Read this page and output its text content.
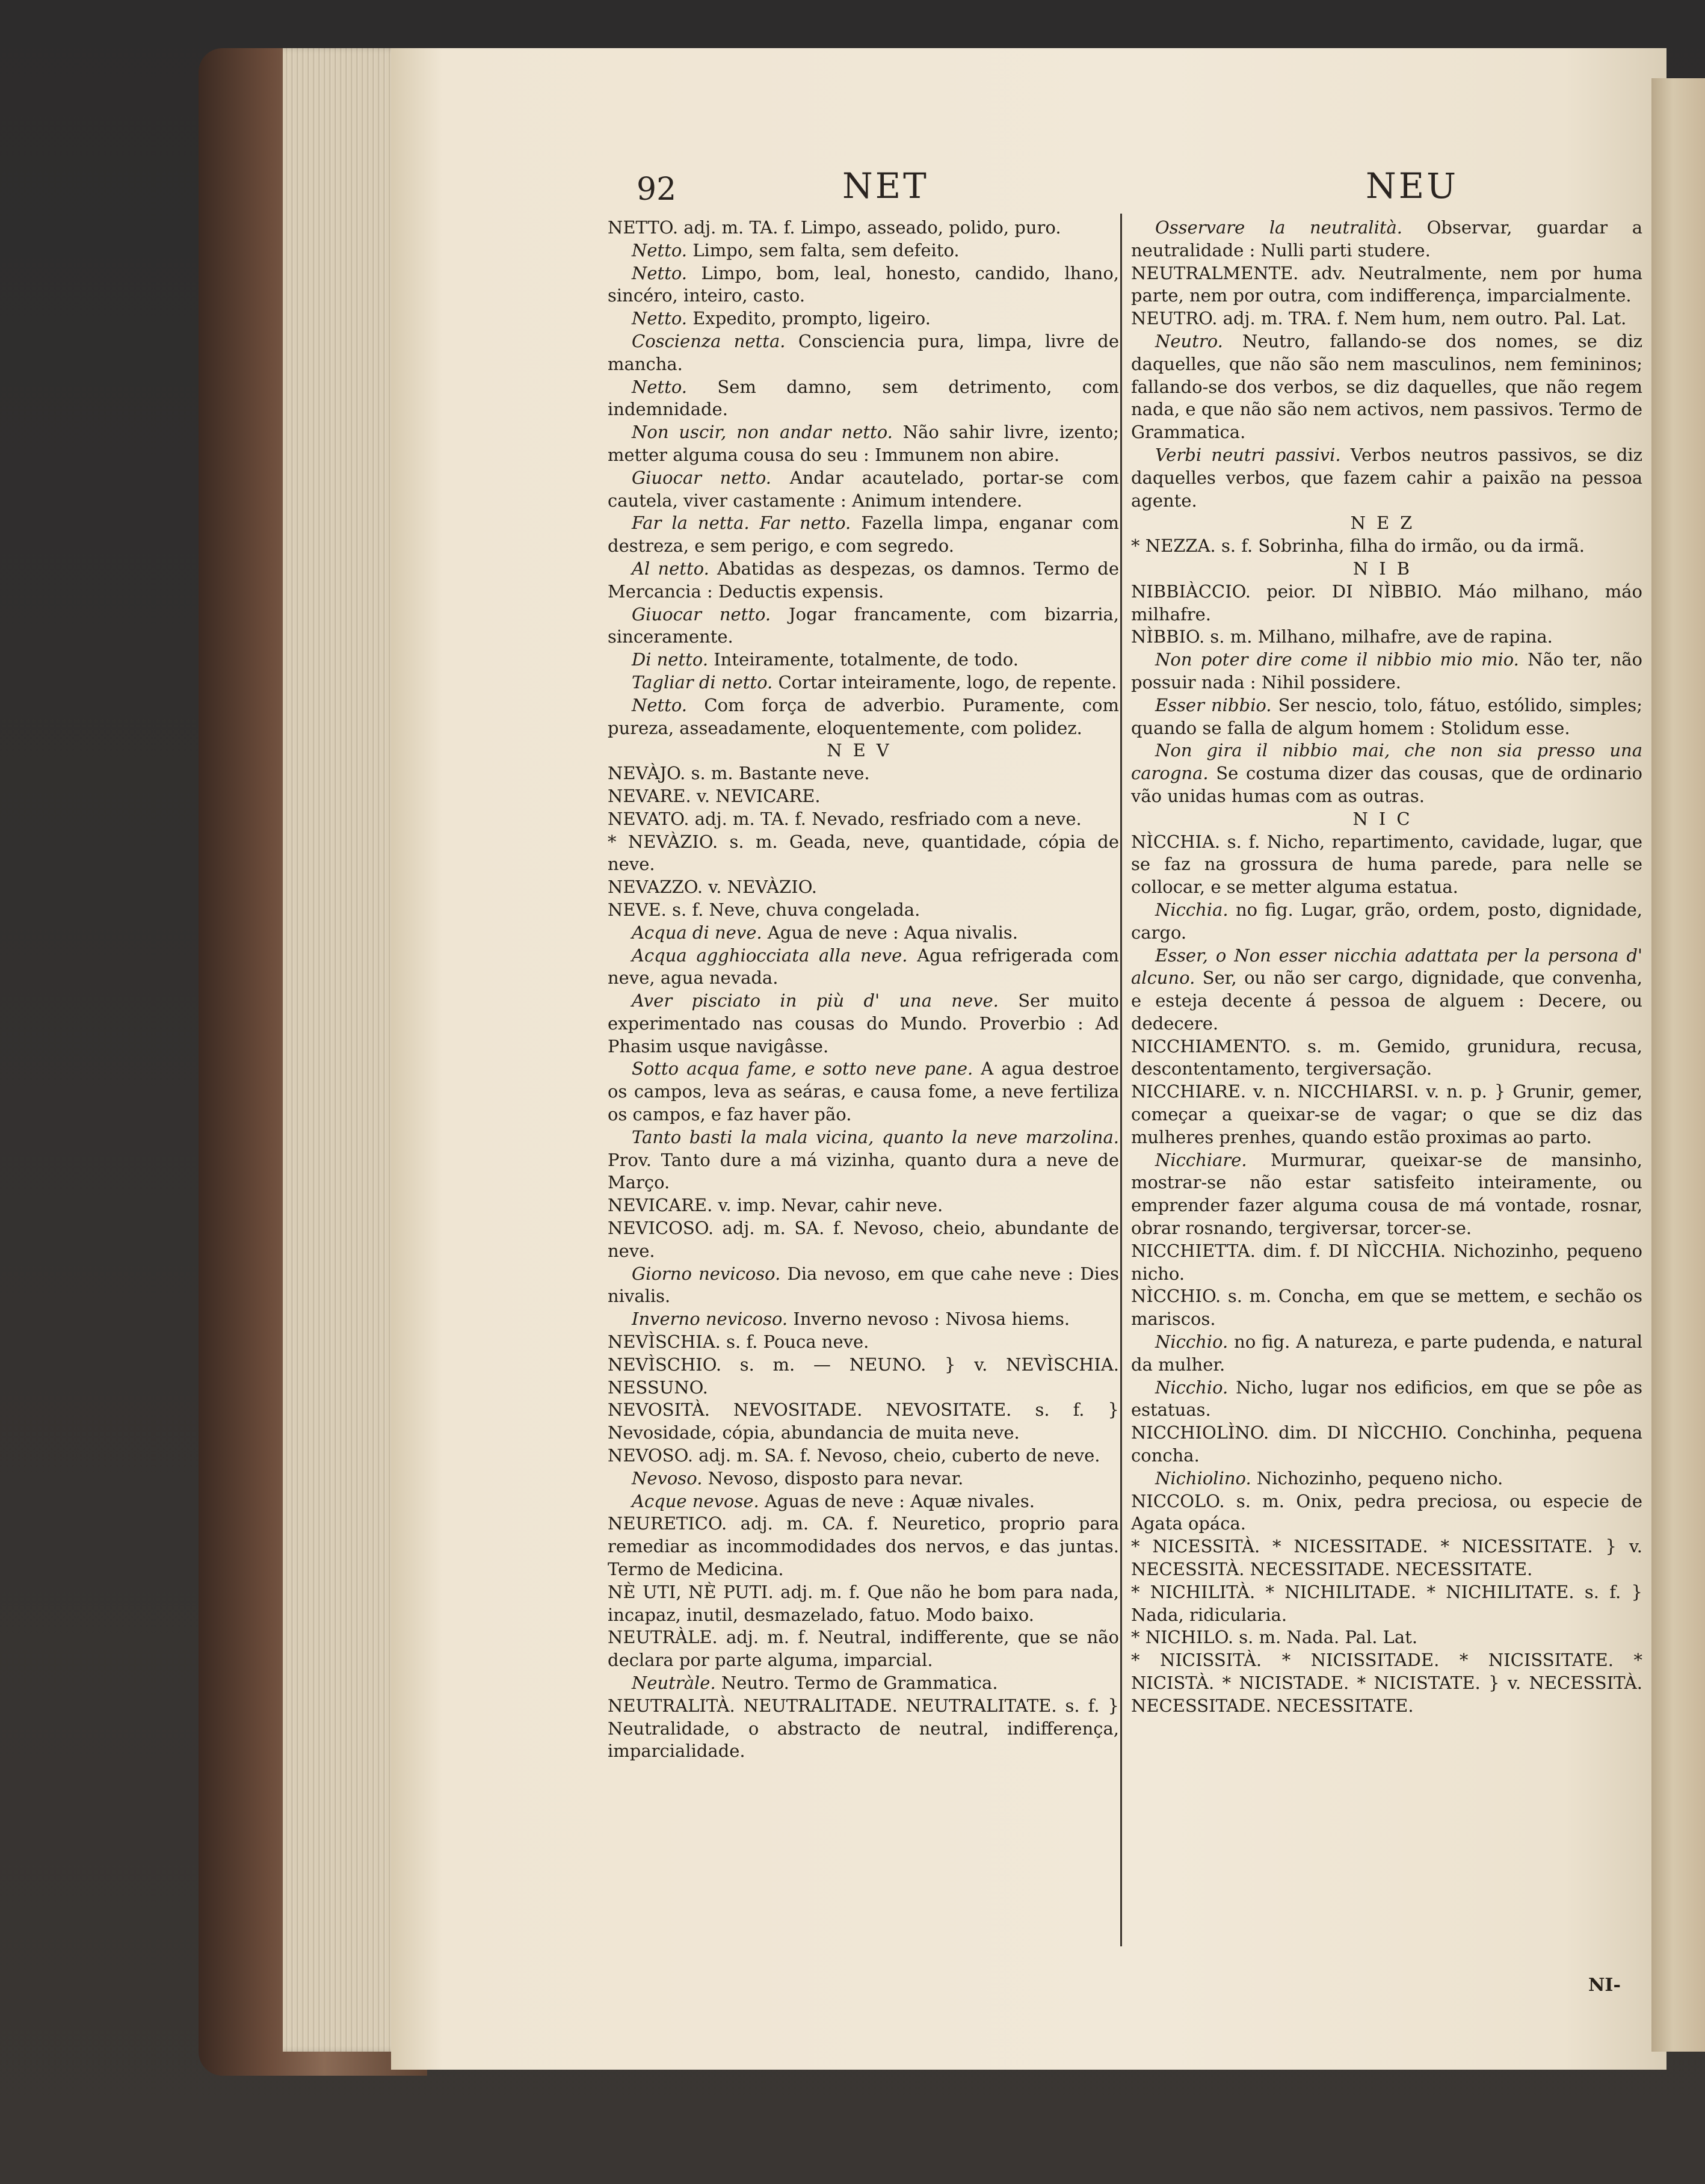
92	NET	NEU

NETTO. adj. m. TA. f. Limpo, asseado, polido, puro.

Netto. Limpo, sem falta, sem defeito.

Netto. Limpo, bom, leal, honesto, candido, lhano, sincéro, inteiro, casto.

Netto. Expedito, prompto, ligeiro.

Coscienza netta. Consciencia pura, limpa, livre de mancha.

Netto. Sem damno, sem detrimento, com indemnidade.

Non uscir, non andar netto. Não sahir livre, izento; metter alguma cousa do seu : Immunem non abire.

Giuocar netto. Andar acautelado, portar-se com cautela, viver castamente : Animum intendere.

Far la netta. Far netto. Fazella limpa, enganar com destreza, e sem perigo, e com segredo.

Al netto. Abatidas as despezas, os damnos. Termo de Mercancia : Deductis expensis.

Giuocar netto. Jogar francamente, com bizarria, sinceramente.

Di netto. Inteiramente, totalmente, de todo.

Tagliar di netto. Cortar inteiramente, logo, de repente.

Netto. Com força de adverbio. Puramente, com pureza, asseadamente, eloquentemente, com polidez.

NEV

NEVÀJO. s. m. Bastante neve.

NEVARE. v. NEVICARE.

NEVATO. adj. m. TA. f. Nevado, resfriado com a neve.

* NEVÀZIO. s. m. Geada, neve, quantidade, cópia de neve.

NEVAZZO. v. NEVÀZIO.

NEVE. s. f. Neve, chuva congelada.

Acqua di neve. Agua de neve : Aqua nivalis.

Acqua agghiocciata alla neve. Agua refrigerada com neve, agua nevada.

Aver pisciato in più d' una neve. Ser muito experimentado nas cousas do Mundo. Proverbio : Ad Phasim usque navigâsse.

Sotto acqua fame, e sotto neve pane. A agua destroe os campos, leva as seáras, e causa fome, a neve fertiliza os campos, e faz haver pão.

Tanto basti la mala vicina, quanto la neve marzolina. Prov. Tanto dure a má vizinha, quanto dura a neve de Março.

NEVICARE. v. imp. Nevar, cahir neve.

NEVICOSO. adj. m. SA. f. Nevoso, cheio, abundante de neve.

Giorno nevicoso. Dia nevoso, em que cahe neve : Dies nivalis.

Inverno nevicoso. Inverno nevoso : Nivosa hiems.

NEVÌSCHIA. s. f. Pouca neve.

NEVÌSCHIO. s. m. — NEUNO. } v. NEVÌSCHIA. NESSUNO.

NEVOSITÀ. NEVOSITADE. NEVOSITATE. s. f. } Nevosidade, cópia, abundancia de muita neve.

NEVOSO. adj. m. SA. f. Nevoso, cheio, cuberto de neve.

Nevoso. Nevoso, disposto para nevar.

Acque nevose. Aguas de neve : Aquæ nivales.

NEURETICO. adj. m. CA. f. Neuretico, proprio para remediar as incommodidades dos nervos, e das juntas. Termo de Medicina.

NÈ UTI, NÈ PUTI. adj. m. f. Que não he bom para nada, incapaz, inutil, desmazelado, fatuo. Modo baixo.

NEUTRÀLE. adj. m. f. Neutral, indifferente, que se não declara por parte alguma, imparcial.

Neutràle. Neutro. Termo de Grammatica.

NEUTRALITÀ. NEUTRALITADE. NEUTRALITATE. s. f. } Neutralidade, o abstracto de neutral, indifferença, imparcialidade.

Osservare la neutralità. Observar, guardar a neutralidade : Nulli parti studere.

NEUTRALMENTE. adv. Neutralmente, nem por huma parte, nem por outra, com indifferença, imparcialmente.

NEUTRO. adj. m. TRA. f. Nem hum, nem outro. Pal. Lat.

Neutro. Neutro, fallando-se dos nomes, se diz daquelles, que não são nem masculinos, nem femininos; fallando-se dos verbos, se diz daquelles, que não regem nada, e que não são nem activos, nem passivos. Termo de Grammatica.

Verbi neutri passivi. Verbos neutros passivos, se diz daquelles verbos, que fazem cahir a paixão na pessoa agente.

NEZ

* NEZZA. s. f. Sobrinha, filha do irmão, ou da irmã.

NIB

NIBBIÀCCIO. peior. DI NÌBBIO. Máo milhano, máo milhafre.

NÌBBIO. s. m. Milhano, milhafre, ave de rapina.

Non poter dire come il nibbio mio mio. Não ter, não possuir nada : Nihil possidere.

Esser nibbio. Ser nescio, tolo, fátuo, estólido, simples; quando se falla de algum homem : Stolidum esse.

Non gira il nibbio mai, che non sia presso una carogna. Se costuma dizer das cousas, que de ordinario vão unidas humas com as outras.

NIC

NÌCCHIA. s. f. Nicho, repartimento, cavidade, lugar, que se faz na grossura de huma parede, para nelle se collocar, e se metter alguma estatua.

Nicchia. no fig. Lugar, grão, ordem, posto, dignidade, cargo.

Esser, o Non esser nicchia adattata per la persona d' alcuno. Ser, ou não ser cargo, dignidade, que convenha, e esteja decente á pessoa de alguem : Decere, ou dedecere.

NICCHIAMENTO. s. m. Gemido, grunidura, recusa, descontentamento, tergiversação.

NICCHIARE. v. n. NICCHIARSI. v. n. p. } Grunir, gemer, começar a queixar-se de vagar; o que se diz das mulheres prenhes, quando estão proximas ao parto.

Nicchiare. Murmurar, queixar-se de mansinho, mostrar-se não estar satisfeito inteiramente, ou emprender fazer alguma cousa de má vontade, rosnar, obrar rosnando, tergiversar, torcer-se.

NICCHIETTA. dim. f. DI NÌCCHIA. Nichozinho, pequeno nicho.

NÌCCHIO. s. m. Concha, em que se mettem, e sechão os mariscos.

Nicchio. no fig. A natureza, e parte pudenda, e natural da mulher.

Nicchio. Nicho, lugar nos edificios, em que se pôe as estatuas.

NICCHIOLÌNO. dim. DI NÌCCHIO. Conchinha, pequena concha.

Nichiolino. Nichozinho, pequeno nicho.

NICCOLO. s. m. Onix, pedra preciosa, ou especie de Agata opáca.

* NICESSITÀ. * NICESSITADE. * NICESSITATE. } v. NECESSITÀ. NECESSITADE. NECESSITATE.

* NICHILITÀ. * NICHILITADE. * NICHILITATE. s. f. } Nada, ridicularia.

* NICHILO. s. m. Nada. Pal. Lat.

* NICISSITÀ. * NICISSITADE. * NICISSITATE. * NICISTÀ. * NICISTADE. * NICISTATE. } v. NECESSITÀ. NECESSITADE. NECESSITATE.

NI-
